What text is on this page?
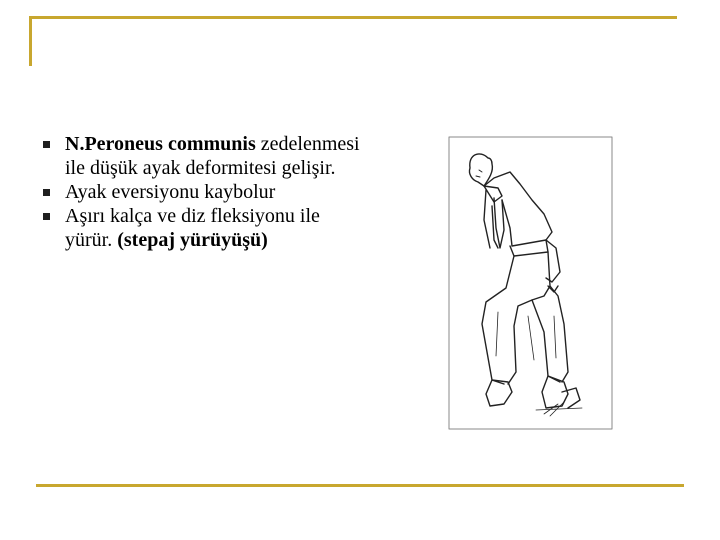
N.Peroneus communis zedelenmesi ile düşük ayak deformitesi gelişir.
Ayak eversiyonu kaybolur
Aşırı kalça ve diz fleksiyonu ile yürür. (stepaj yürüyüşü)
